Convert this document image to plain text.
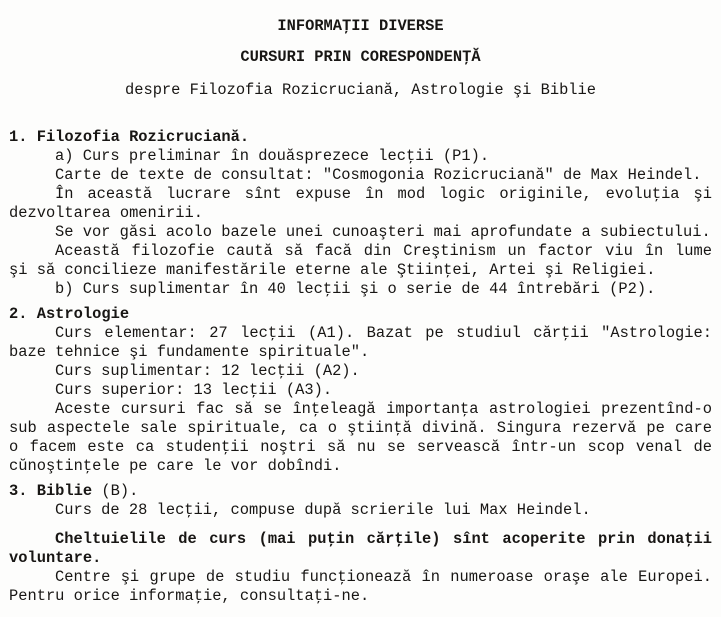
INFORMAŢII DIVERSE
CURSURI PRIN CORESPONDENŢĂ
despre Filozofia Rozicruciană, Astrologie şi Biblie
1. Filozofia Rozicruciană.
a) Curs preliminar în douăsprezece lecţii (P1).
Carte de texte de consultat: "Cosmogonia Rozicruciană" de Max Heindel.
În această lucrare sînt expuse în mod logic originile, evoluţia şi
dezvoltarea omenirii.
Se vor găsi acolo bazele unei cunoaşteri mai aprofundate a subiectului.
Această filozofie caută să facă din Creştinism un factor viu în lume
şi să concilieze manifestările eterne ale Ştiinţei, Artei şi Religiei.
b) Curs suplimentar în 40 lecţii şi o serie de 44 întrebări (P2).
2. Astrologie
Curs elementar: 27 lecţii (A1). Bazat pe studiul cărţii "Astrologie:
baze tehnice şi fundamente spirituale".
Curs suplimentar: 12 lecţii (A2).
Curs superior: 13 lecţii (A3).
Aceste cursuri fac să se înţeleagă importanţa astrologiei prezentînd-o
sub aspectele sale spirituale, ca o ştiinţă divină. Singura rezervă pe care
o facem este ca studenţii noştri să nu se servească într-un scop venal de
cŭnoştinţele pe care le vor dobîndi.
3. Biblie (B).
Curs de 28 lecţii, compuse după scrierile lui Max Heindel.
Cheltuielile de curs (mai puţin cărţile) sînt acoperite prin donaţii
voluntare.
Centre şi grupe de studiu funcţionează în numeroase oraşe ale Europei.
Pentru orice informaţie, consultaţi-ne.
